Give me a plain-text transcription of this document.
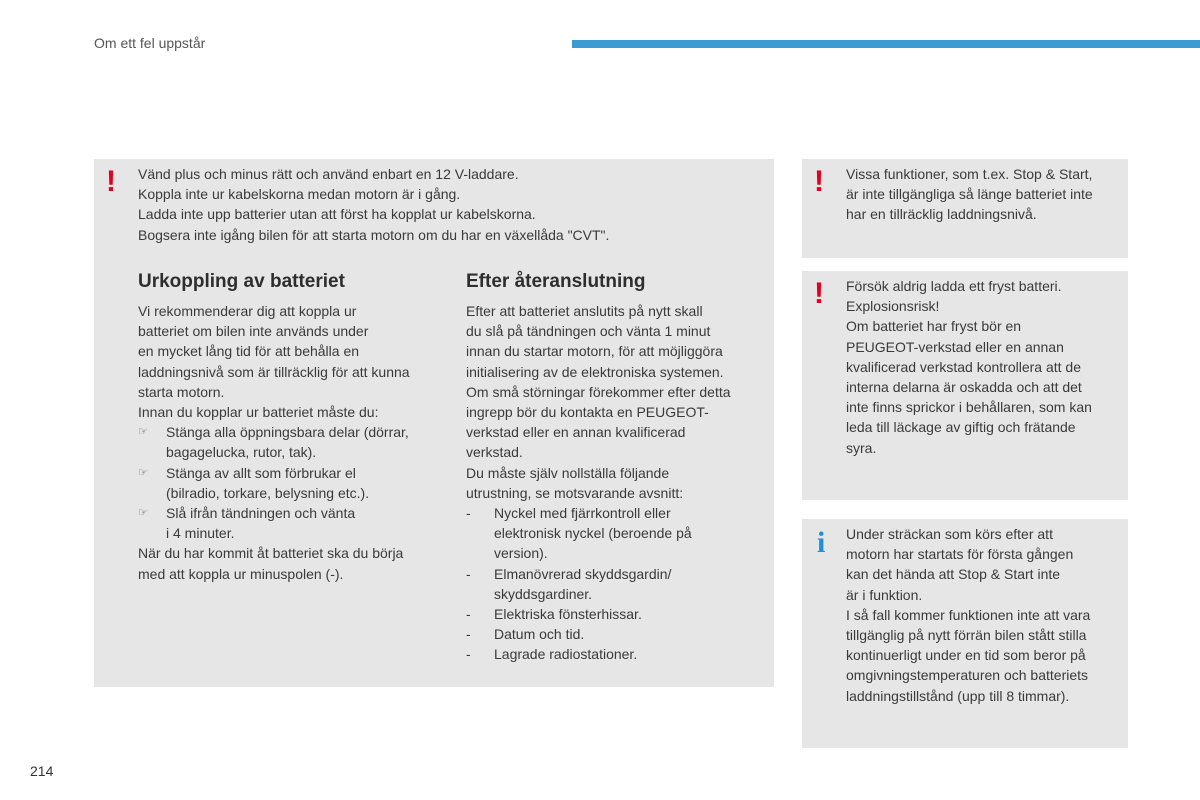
Om ett fel uppstår
! Vänd plus och minus rätt och använd enbart en 12 V-laddare.
Koppla inte ur kabelskorna medan motorn är i gång.
Ladda inte upp batterier utan att först ha kopplat ur kabelskorna.
Bogsera inte igång bilen för att starta motorn om du har en växellåda "CVT".
Urkoppling av batteriet
Vi rekommenderar dig att koppla ur
batteriet om bilen inte används under
en mycket lång tid för att behålla en
laddningsnivå som är tillräcklig för att kunna
starta motorn.
Innan du kopplar ur batteriet måste du:
☞	Stänga alla öppningsbara delar (dörrar,
bagagelucka, rutor, tak).
☞	Stänga av allt som förbrukar el
(bilradio, torkare, belysning etc.).
☞	Slå ifrån tändningen och vänta
i 4 minuter.
När du har kommit åt batteriet ska du börja
med att koppla ur minuspolen (-).
Efter återanslutning
Efter att batteriet anslutits på nytt skall
du slå på tändningen och vänta 1 minut
innan du startar motorn, för att möjliggöra
initialisering av de elektroniska systemen.
Om små störningar förekommer efter detta
ingrepp bör du kontakta en PEUGEOT-
verkstad eller en annan kvalificerad
verkstad.
Du måste själv nollställa följande
utrustning, se motsvarande avsnitt:
-	Nyckel med fjärrkontroll eller
elektronisk nyckel (beroende på
version).
-	Elmanövrerad skyddsgardin/
skyddsgardiner.
-	Elektriska fönsterhissar.
-	Datum och tid.
-	Lagrade radiostationer.
! Vissa funktioner, som t.ex. Stop & Start,
är inte tillgängliga så länge batteriet inte
har en tillräcklig laddningsnivå.
! Försök aldrig ladda ett fryst batteri.
Explosionsrisk!
Om batteriet har fryst bör en
PEUGEOT-verkstad eller en annan
kvalificerad verkstad kontrollera att de
interna delarna är oskadda och att det
inte finns sprickor i behållaren, som kan
leda till läckage av giftig och frätande
syra.
i Under sträckan som körs efter att
motorn har startats för första gången
kan det hända att Stop & Start inte
är i funktion.
I så fall kommer funktionen inte att vara
tillgänglig på nytt förrän bilen stått stilla
kontinuerligt under en tid som beror på
omgivningstemperaturen och batteriets
laddningstillstånd (upp till 8 timmar).
214
